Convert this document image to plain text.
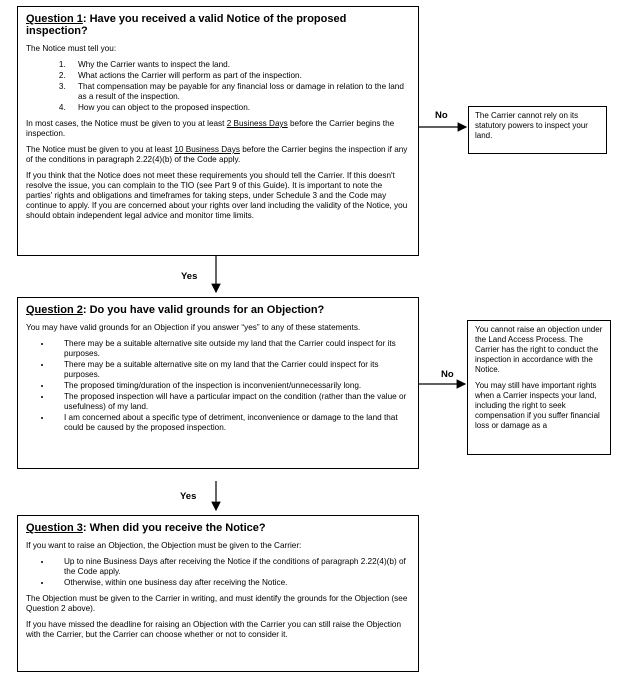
Question 1: Have you received a valid Notice of the proposed inspection?

The Notice must tell you:

1. Why the Carrier wants to inspect the land.
2. What actions the Carrier will perform as part of the inspection.
3. That compensation may be payable for any financial loss or damage in relation to the land as a result of the inspection.
4. How you can object to the proposed inspection.

In most cases, the Notice must be given to you at least 2 Business Days before the Carrier begins the inspection.

The Notice must be given to you at least 10 Business Days before the Carrier begins the inspection if any of the conditions in paragraph 2.22(4)(b) of the Code apply.

If you think that the Notice does not meet these requirements you should tell the Carrier. If this doesn't resolve the issue, you can complain to the TIO (see Part 9 of this Guide). It is important to note the parties' rights and obligations and timeframes for taking steps, under Schedule 3 and the Code may continue to apply. If you are concerned about your rights over land including the validity of the Notice, you should obtain independent legal advice and monitor time limits.

No	The Carrier cannot rely on its statutory powers to inspect your land.

Yes
Question 2: Do you have valid grounds for an Objection?

You may have valid grounds for an Objection if you answer “yes” to any of these statements.

• There may be a suitable alternative site outside my land that the Carrier could inspect for its purposes.
• There may be a suitable alternative site on my land that the Carrier could inspect for its purposes.
• The proposed timing/duration of the inspection is inconvenient/unnecessarily long.
• The proposed inspection will have a particular impact on the condition (rather than the value or usefulness) of my land.
• I am concerned about a specific type of detriment, inconvenience or damage to the land that could be caused by the proposed inspection.
No

You cannot raise an objection under the Land Access Process. The Carrier has the right to conduct the inspection in accordance with the Notice.

You may still have important rights when a Carrier inspects your land, including the right to seek compensation if you suffer financial loss or damage as a

Yes
Question 3: When did you receive the Notice?

If you want to raise an Objection, the Objection must be given to the Carrier:

• Up to nine Business Days after receiving the Notice if the conditions of paragraph 2.22(4)(b) of the Code apply.
• Otherwise, within one business day after receiving the Notice.

The Objection must be given to the Carrier in writing, and must identify the grounds for the Objection (see Question 2 above).

If you have missed the deadline for raising an Objection with the Carrier you can still raise the Objection with the Carrier, but the Carrier can choose whether or not to consider it.
